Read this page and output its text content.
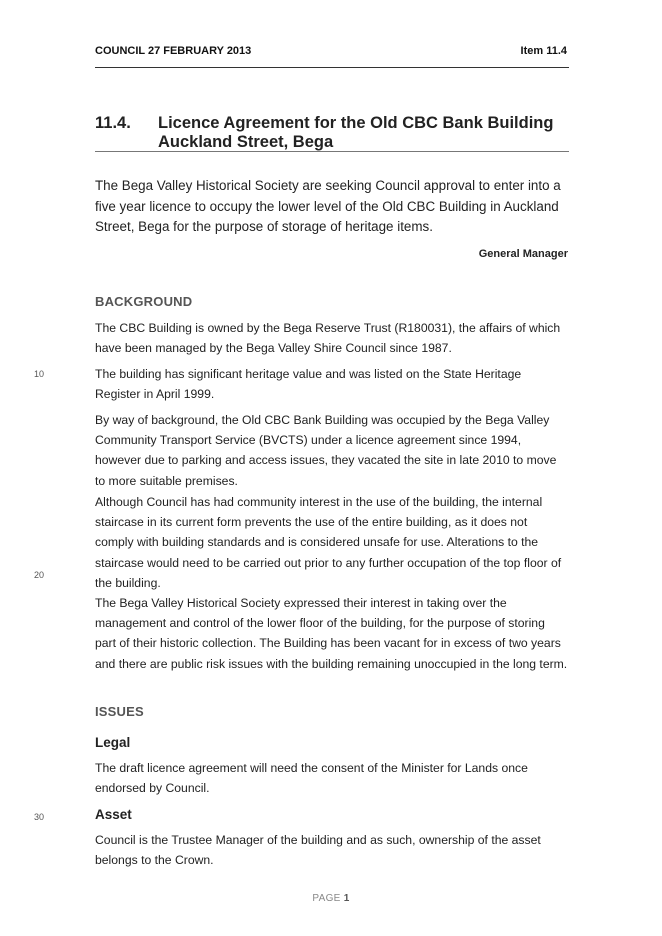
COUNCIL 27 FEBRUARY 2013	Item 11.4
11.4. Licence Agreement for the Old CBC Bank Building
Auckland Street, Bega
The Bega Valley Historical Society are seeking Council approval to enter into a five year licence to occupy the lower level of the Old CBC Building in Auckland Street, Bega for the purpose of storage of heritage items.
General Manager
BACKGROUND
The CBC Building is owned by the Bega Reserve Trust (R180031), the affairs of which have been managed by the Bega Valley Shire Council since 1987.
10	The building has significant heritage value and was listed on the State Heritage Register in April 1999.
By way of background, the Old CBC Bank Building was occupied by the Bega Valley Community Transport Service (BVCTS) under a licence agreement since 1994, however due to parking and access issues, they vacated the site in late 2010 to move to more suitable premises.
Although Council has had community interest in the use of the building, the internal staircase in its current form prevents the use of the entire building, as it does not comply with building standards and is considered unsafe for use. Alterations to the staircase would need to be carried out prior to any further occupation of the top floor of the building.
20
The Bega Valley Historical Society expressed their interest in taking over the management and control of the lower floor of the building, for the purpose of storing part of their historic collection. The Building has been vacant for in excess of two years and there are public risk issues with the building remaining unoccupied in the long term.
ISSUES
Legal
The draft licence agreement will need the consent of the Minister for Lands once endorsed by Council.
30	Asset
Council is the Trustee Manager of the building and as such, ownership of the asset belongs to the Crown.
PAGE 1
